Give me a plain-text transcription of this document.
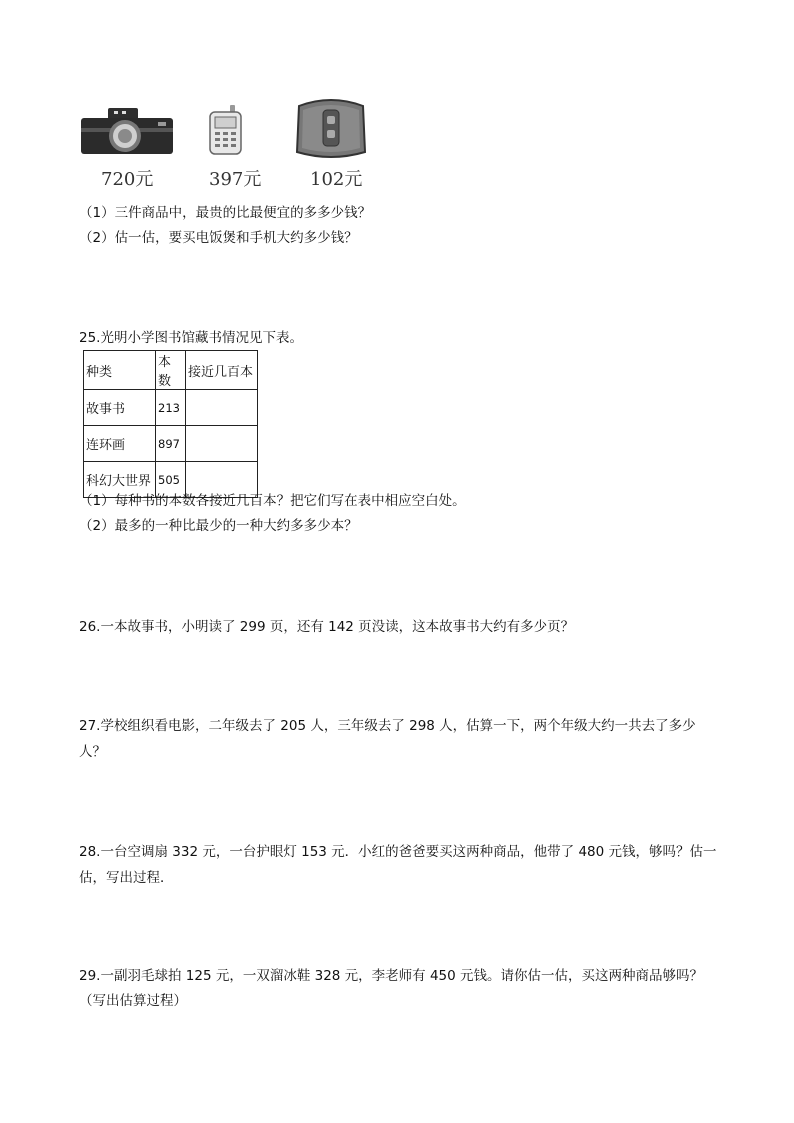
720元	397元	102元
（1）三件商品中，最贵的比最便宜的多多少钱？
（2）估一估，要买电饭煲和手机大约多少钱？
25.光明小学图书馆藏书情况见下表。
种类	本数	接近几百本
故事书	213	
连环画	897	
科幻大世界	505	
（1）每种书的本数各接近几百本？把它们写在表中相应空白处。
（2）最多的一种比最少的一种大约多多少本？
26.一本故事书，小明读了 299 页，还有 142 页没读，这本故事书大约有多少页？
27.学校组织看电影，二年级去了 205 人，三年级去了 298 人，估算一下，两个年级大约一共去了多少
人？
28.一台空调扇 332 元，一台护眼灯 153 元．小红的爸爸要买这两种商品，他带了 480 元钱，够吗？估一
估，写出过程．
29.一副羽毛球拍 125 元，一双溜冰鞋 328 元，李老师有 450 元钱。请你估一估，买这两种商品够吗？
（写出估算过程）
